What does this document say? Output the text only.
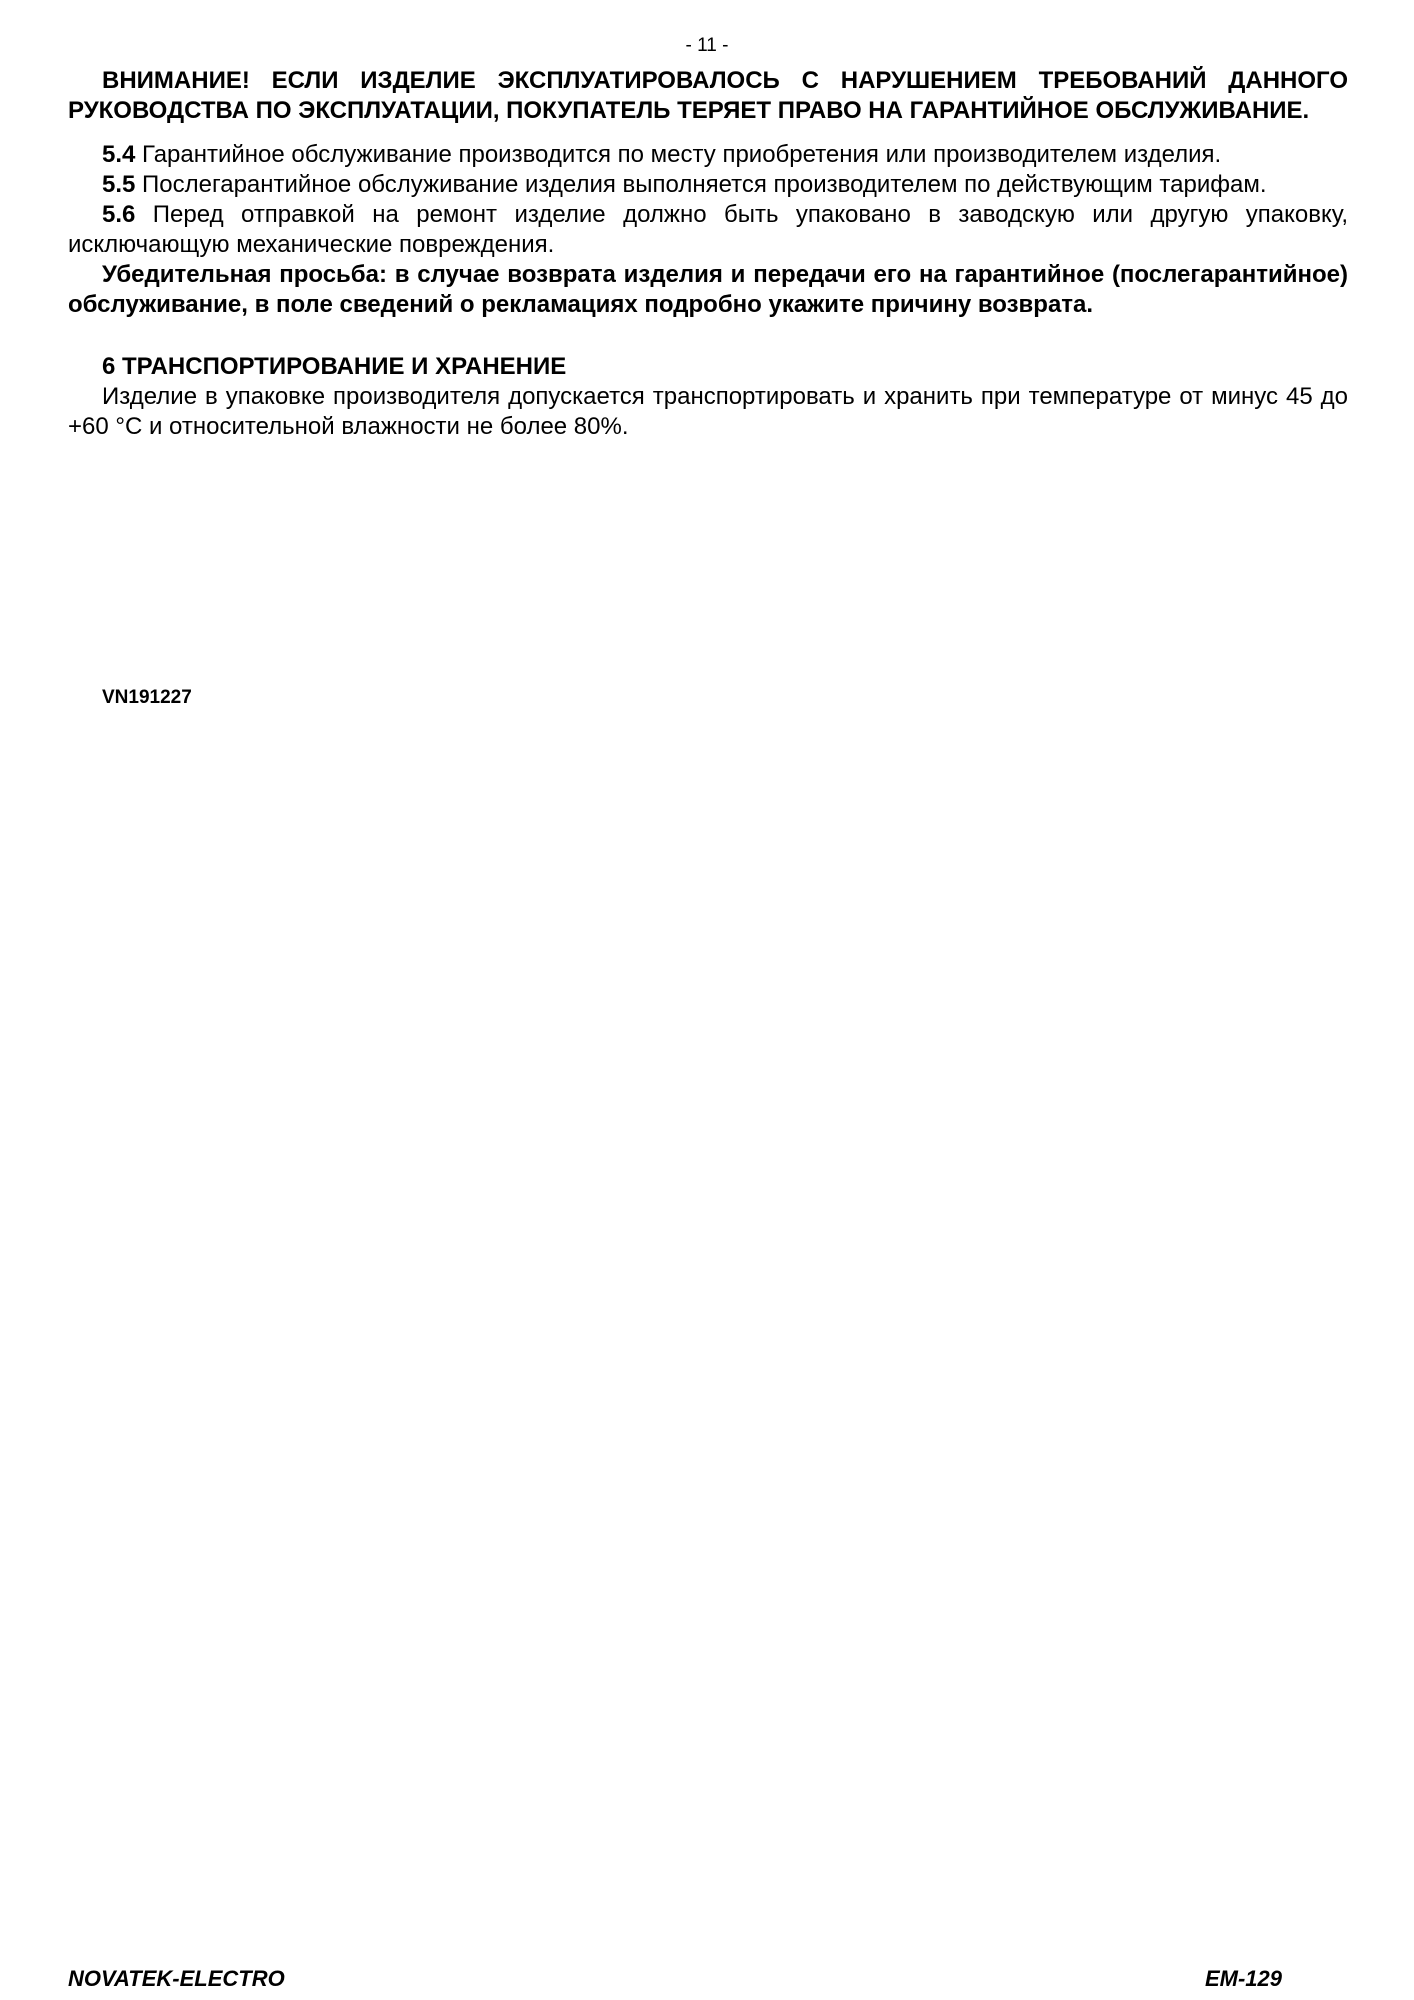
- 11 -

ВНИМАНИЕ! ЕСЛИ ИЗДЕЛИЕ ЭКСПЛУАТИРОВАЛОСЬ С НАРУШЕНИЕМ ТРЕБОВАНИЙ ДАННОГО РУКОВОДСТВА ПО ЭКСПЛУАТАЦИИ, ПОКУПАТЕЛЬ ТЕРЯЕТ ПРАВО НА ГАРАНТИЙНОЕ ОБСЛУЖИВАНИЕ.

5.4 Гарантийное обслуживание производится по месту приобретения или производителем изделия.

5.5 Послегарантийное обслуживание изделия выполняется производителем по действующим тарифам.

5.6 Перед отправкой на ремонт изделие должно быть упаковано в заводскую или другую упаковку, исключающую механические повреждения.

Убедительная просьба: в случае возврата изделия и передачи его на гарантийное (послегарантийное) обслуживание, в поле сведений о рекламациях подробно укажите причину возврата.

6 ТРАНСПОРТИРОВАНИЕ И ХРАНЕНИЕ

Изделие в упаковке производителя допускается транспортировать и хранить при температуре от минус 45 до +60 °С и относительной влажности не более 80%.

VN191227
NOVATEK-ELECTRO	EM-129
